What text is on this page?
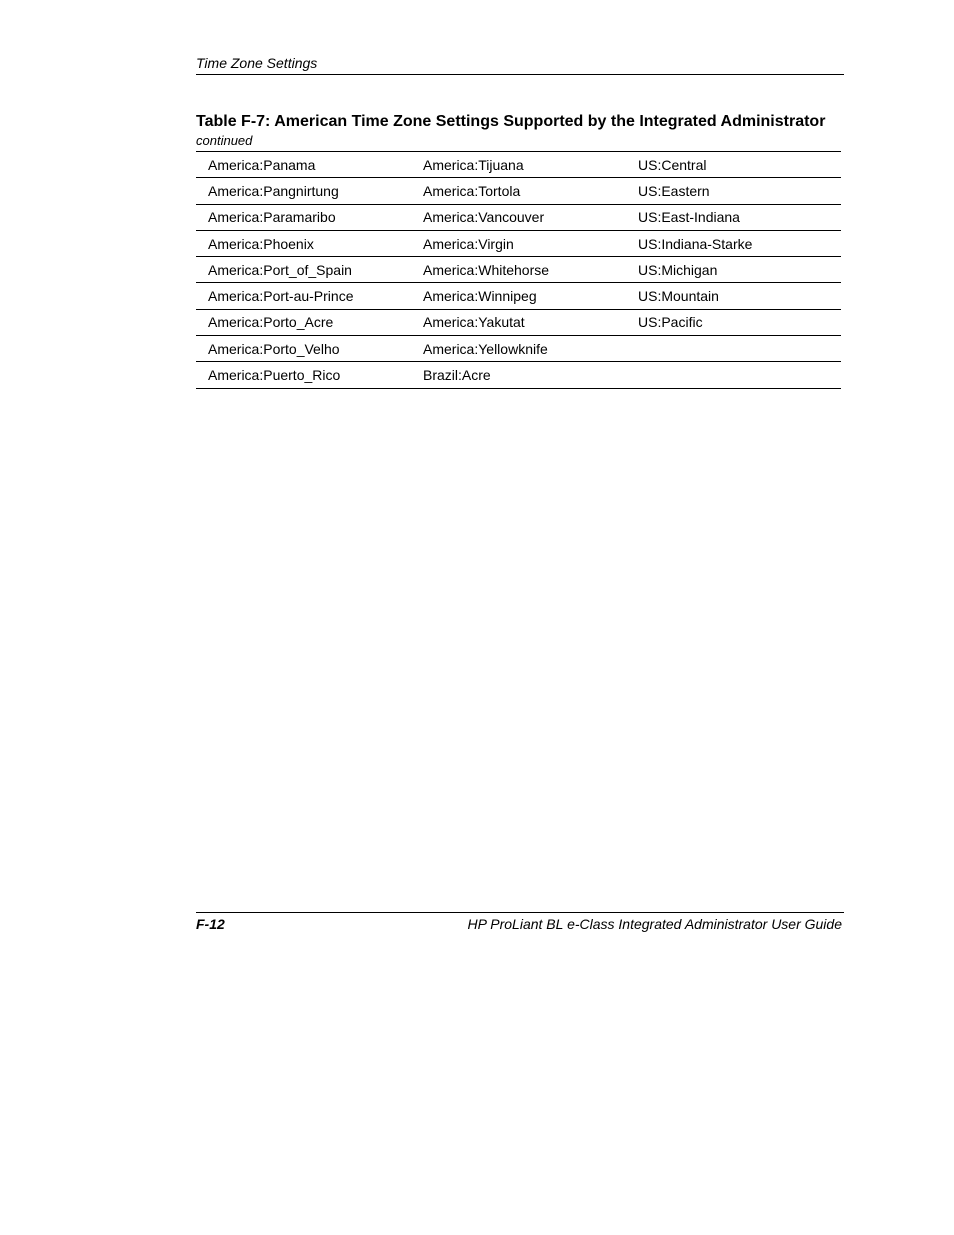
Time Zone Settings
Table F-7: American Time Zone Settings Supported by the Integrated Administrator continued
America:Panama	America:Tijuana	US:Central
America:Pangnirtung	America:Tortola	US:Eastern
America:Paramaribo	America:Vancouver	US:East-Indiana
America:Phoenix	America:Virgin	US:Indiana-Starke
America:Port_of_Spain	America:Whitehorse	US:Michigan
America:Port-au-Prince	America:Winnipeg	US:Mountain
America:Porto_Acre	America:Yakutat	US:Pacific
America:Porto_Velho	America:Yellowknife	
America:Puerto_Rico	Brazil:Acre	
F-12	HP ProLiant BL e-Class Integrated Administrator User Guide
